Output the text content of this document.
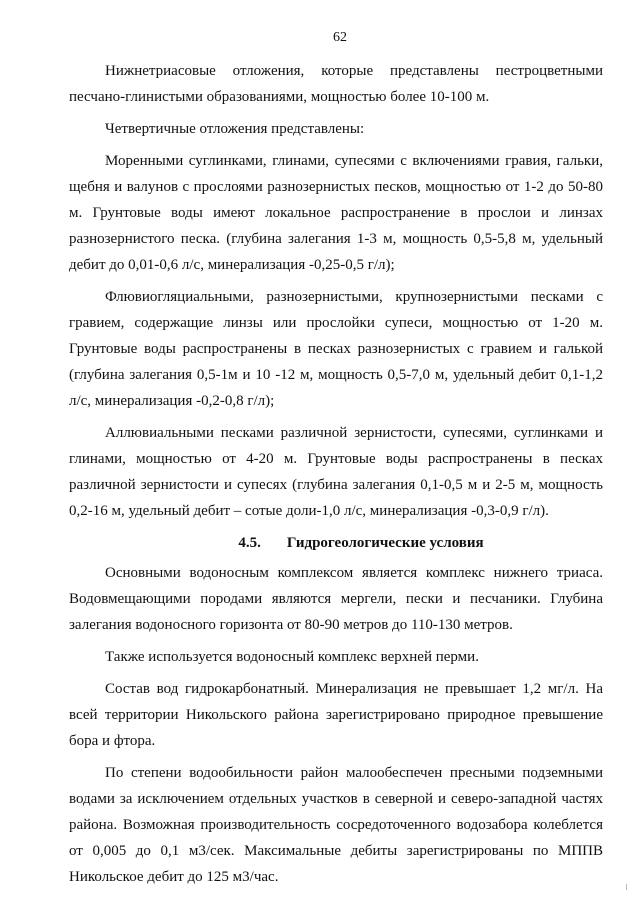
62

Нижнетриасовые отложения, которые представлены пестроцветными песчано-глинистыми образованиями, мощностью более 10-100 м.

Четвертичные отложения представлены:

Моренными суглинками, глинами, супесями с включениями гравия, гальки, щебня и валунов с прослоями разнозернистых песков, мощностью от 1-2 до 50-80 м. Грунтовые воды имеют локальное распространение в прослои и линзах разнозернистого песка. (глубина залегания 1-3 м, мощность 0,5-5,8 м, удельный дебит до 0,01-0,6 л/с, минерализация -0,25-0,5 г/л);

Флювиогляциальными, разнозернистыми, крупнозернистыми песками с гравием, содержащие линзы или прослойки супеси, мощностью от 1-20 м. Грунтовые воды распространены в песках разнозернистых с гравием и галькой (глубина залегания 0,5-1м и 10 -12 м, мощность 0,5-7,0 м, удельный дебит 0,1-1,2 л/с, минерализация -0,2-0,8 г/л);

Аллювиальными песками различной зернистости, супесями, суглинками и глинами, мощностью от 4-20 м. Грунтовые воды распространены в песках различной зернистости и супесях (глубина залегания 0,1-0,5 м и 2-5 м, мощность 0,2-16 м, удельный дебит – сотые доли-1,0 л/с, минерализация -0,3-0,9 г/л).

4.5. Гидрогеологические условия

Основными водоносным комплексом является комплекс нижнего триаса. Водовмещающими породами являются мергели, пески и песчаники. Глубина залегания водоносного горизонта от 80-90 метров до 110-130 метров.

Также используется водоносный комплекс верхней перми.

Состав вод гидрокарбонатный. Минерализация не превышает 1,2 мг/л. На всей территории Никольского района зарегистрировано природное превышение бора и фтора.

По степени водообильности район малообеспечен пресными подземными водами за исключением отдельных участков в северной и северо-западной частях района. Возможная производительность сосредоточенного водозабора колеблется от 0,005 до 0,1 м3/сек. Максимальные дебиты зарегистрированы по МППВ Никольское дебит до 125 м3/час.
